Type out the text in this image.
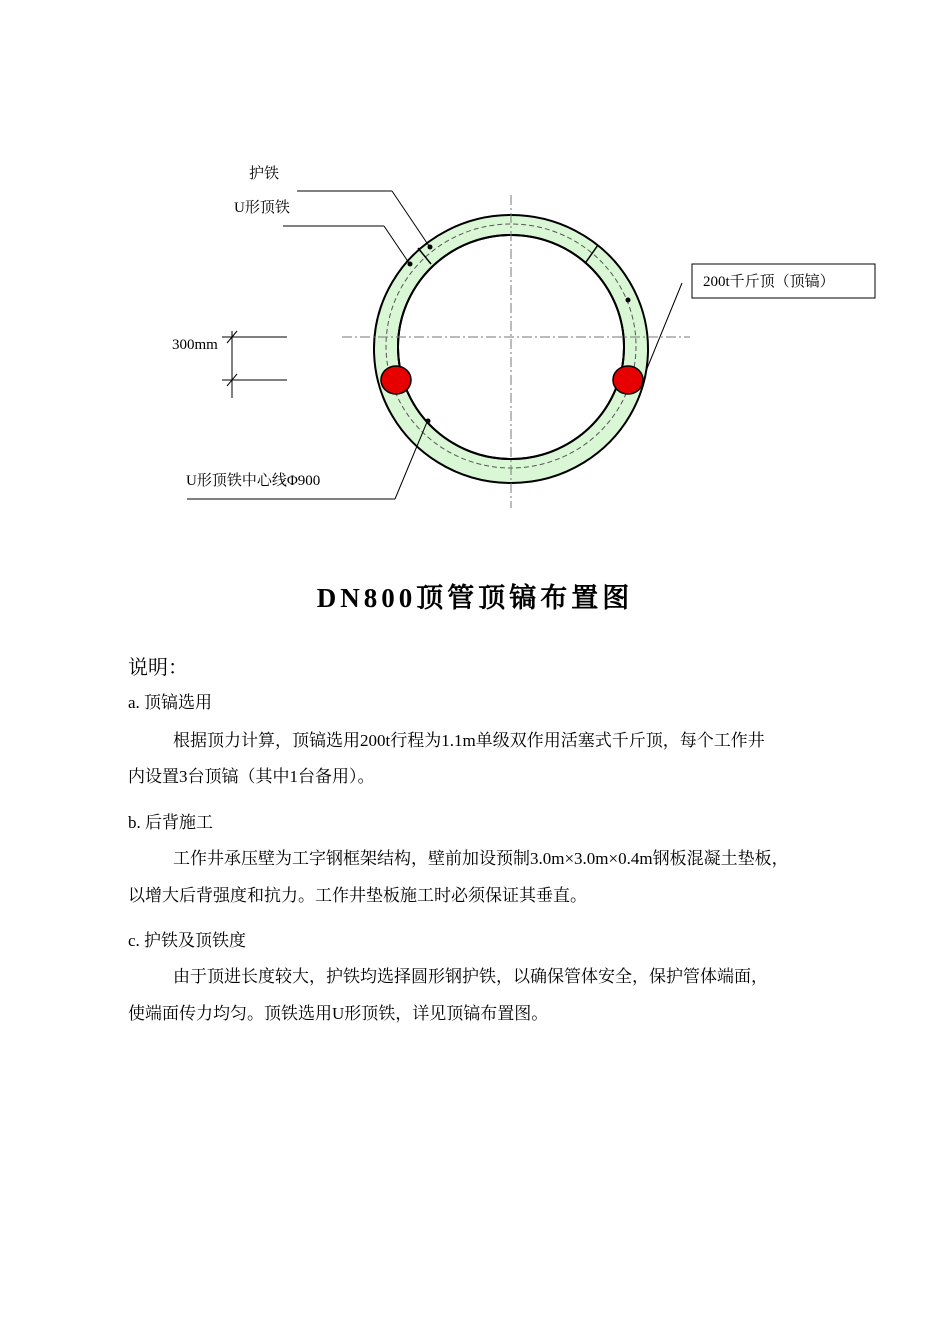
护铁
U形顶铁
200t千斤顶（顶镐）
300mm
U形顶铁中心线Φ900
DN800顶管顶镐布置图
说明：
a. 顶镐选用
根据顶力计算，顶镐选用200t行程为1.1m单级双作用活塞式千斤顶，每个工作井
内设置3台顶镐（其中1台备用）。
b. 后背施工
工作井承压壁为工字钢框架结构，壁前加设预制3.0m×3.0m×0.4m钢板混凝土垫板，
以增大后背强度和抗力。工作井垫板施工时必须保证其垂直。
c. 护铁及顶铁度
由于顶进长度较大，护铁均选择圆形钢护铁，以确保管体安全，保护管体端面，
使端面传力均匀。顶铁选用U形顶铁，详见顶镐布置图。
